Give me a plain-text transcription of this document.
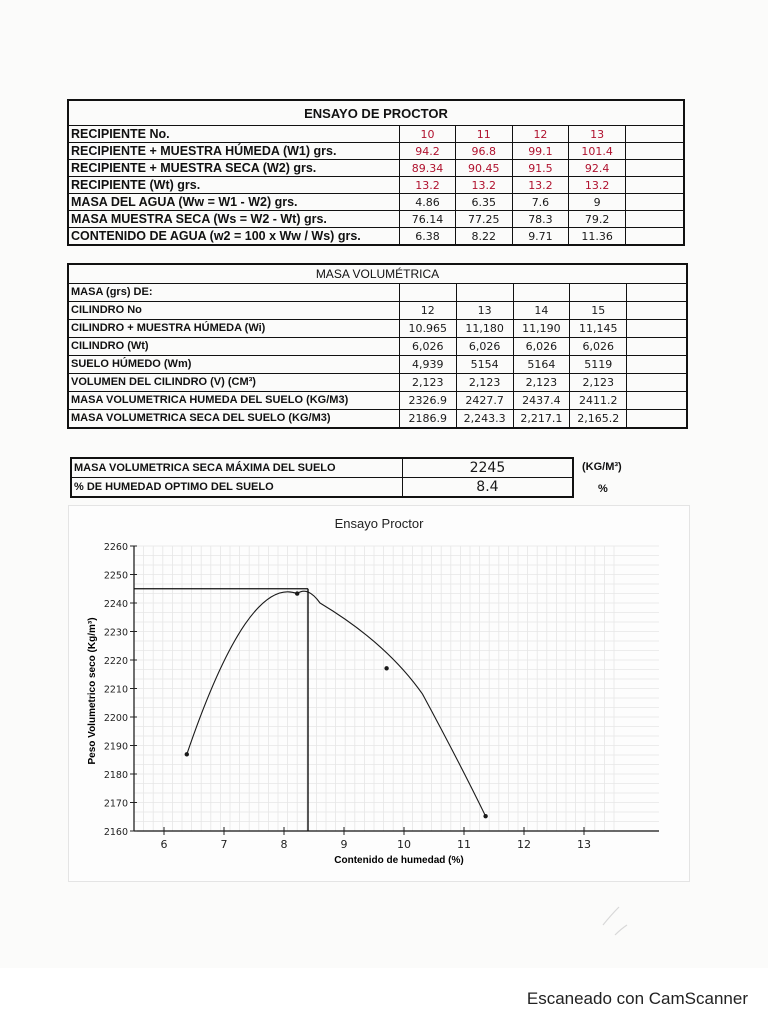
ENSAYO DE PROCTOR					
RECIPIENTE No.	10	11	12	13	
RECIPIENTE + MUESTRA HÚMEDA (W1) grs.	94.2	96.8	99.1	101.4	
RECIPIENTE + MUESTRA SECA (W2) grs.	89.34	90.45	91.5	92.4	
RECIPIENTE (Wt) grs.	13.2	13.2	13.2	13.2	
MASA DEL AGUA (Ww = W1 - W2) grs.	4.86	6.35	7.6	9	
MASA MUESTRA SECA (Ws = W2 - Wt) grs.	76.14	77.25	78.3	79.2	
CONTENIDO DE AGUA (w2 = 100 x Ww / Ws) grs.	6.38	8.22	9.71	11.36	
MASA VOLUMÉTRICA					
MASA (grs) DE:					
CILINDRO No	12	13	14	15	
CILINDRO + MUESTRA HÚMEDA (Wi)	10.965	11,180	11,190	11,145	
CILINDRO (Wt)	6,026	6,026	6,026	6,026	
SUELO HÚMEDO (Wm)	4,939	5154	5164	5119	
VOLUMEN DEL CILINDRO (V) (CM³)	2,123	2,123	2,123	2,123	
MASA VOLUMETRICA HUMEDA DEL SUELO (KG/M3)	2326.9	2427.7	2437.4	2411.2	
MASA VOLUMETRICA SECA DEL SUELO (KG/M3)	2186.9	2,243.3	2,217.1	2,165.2	
MASA VOLUMETRICA SECA MÁXIMA DEL SUELO	2245
% DE HUMEDAD OPTIMO DEL SUELO	8.4
(KG/M³)
%
Ensayo Proctor
Contenido de humedad (%)
Peso Volumetrico seco (Kg/m³)
6	7	8	9	10	11	12	13
2160
2170
2180
2190
2200
2210
2220
2230
2240
2250
2260
Escaneado con CamScanner
